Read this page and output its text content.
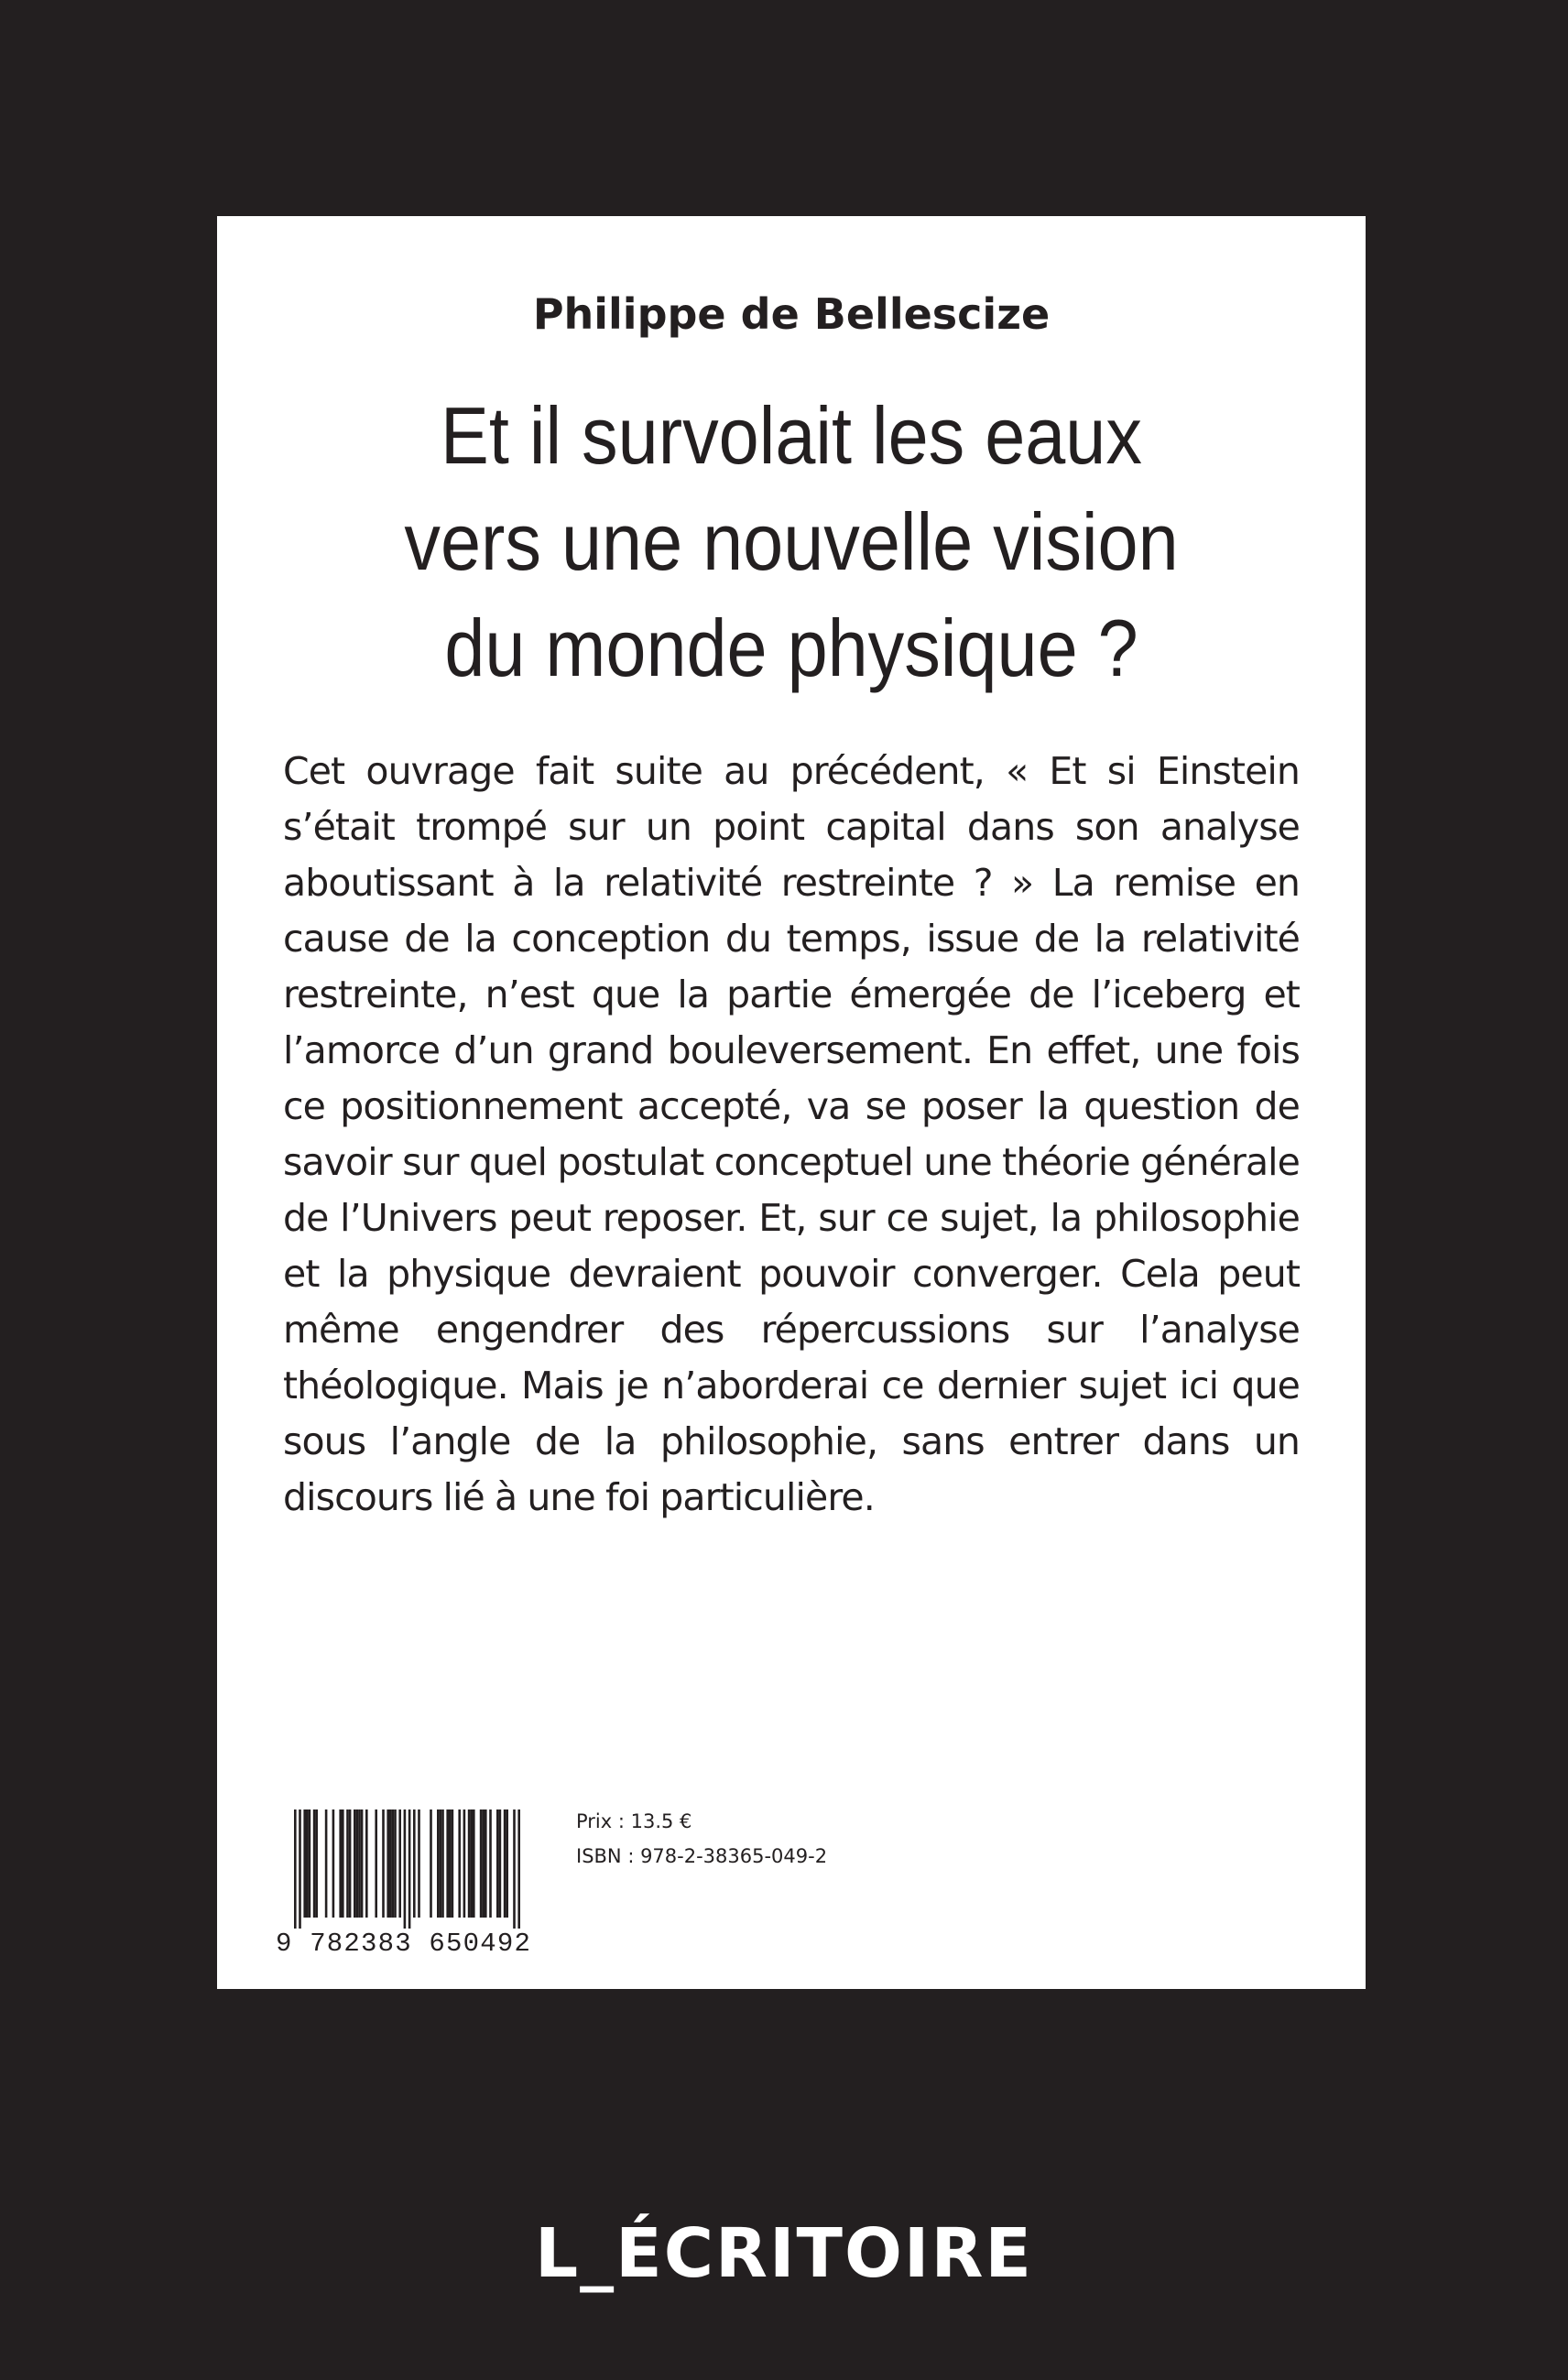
Philippe de Bellescize
Et il survolait les eaux
vers une nouvelle vision
du monde physique ?
Cet ouvrage fait suite au précédent, « Et si Einstein s’était trompé sur un point capital dans son analyse aboutissant à la relativité restreinte ? » La remise en cause de la conception du temps, issue de la relativité restreinte, n’est que la partie émergée de l’iceberg et l’amorce d’un grand bouleversement. En effet, une fois ce positionnement accepté, va se poser la question de savoir sur quel postulat conceptuel une théorie générale de l’Univers peut reposer. Et, sur ce sujet, la philosophie et la physique devraient pouvoir converger. Cela peut même engendrer des répercussions sur l’analyse théologique. Mais je n’aborderai ce dernier sujet ici que sous l’angle de la philosophie, sans entrer dans un discours lié à une foi particulière.
9 782383 650492
Prix : 13.5 €
ISBN : 978-2-38365-049-2
L_ÉCRITOIRE
